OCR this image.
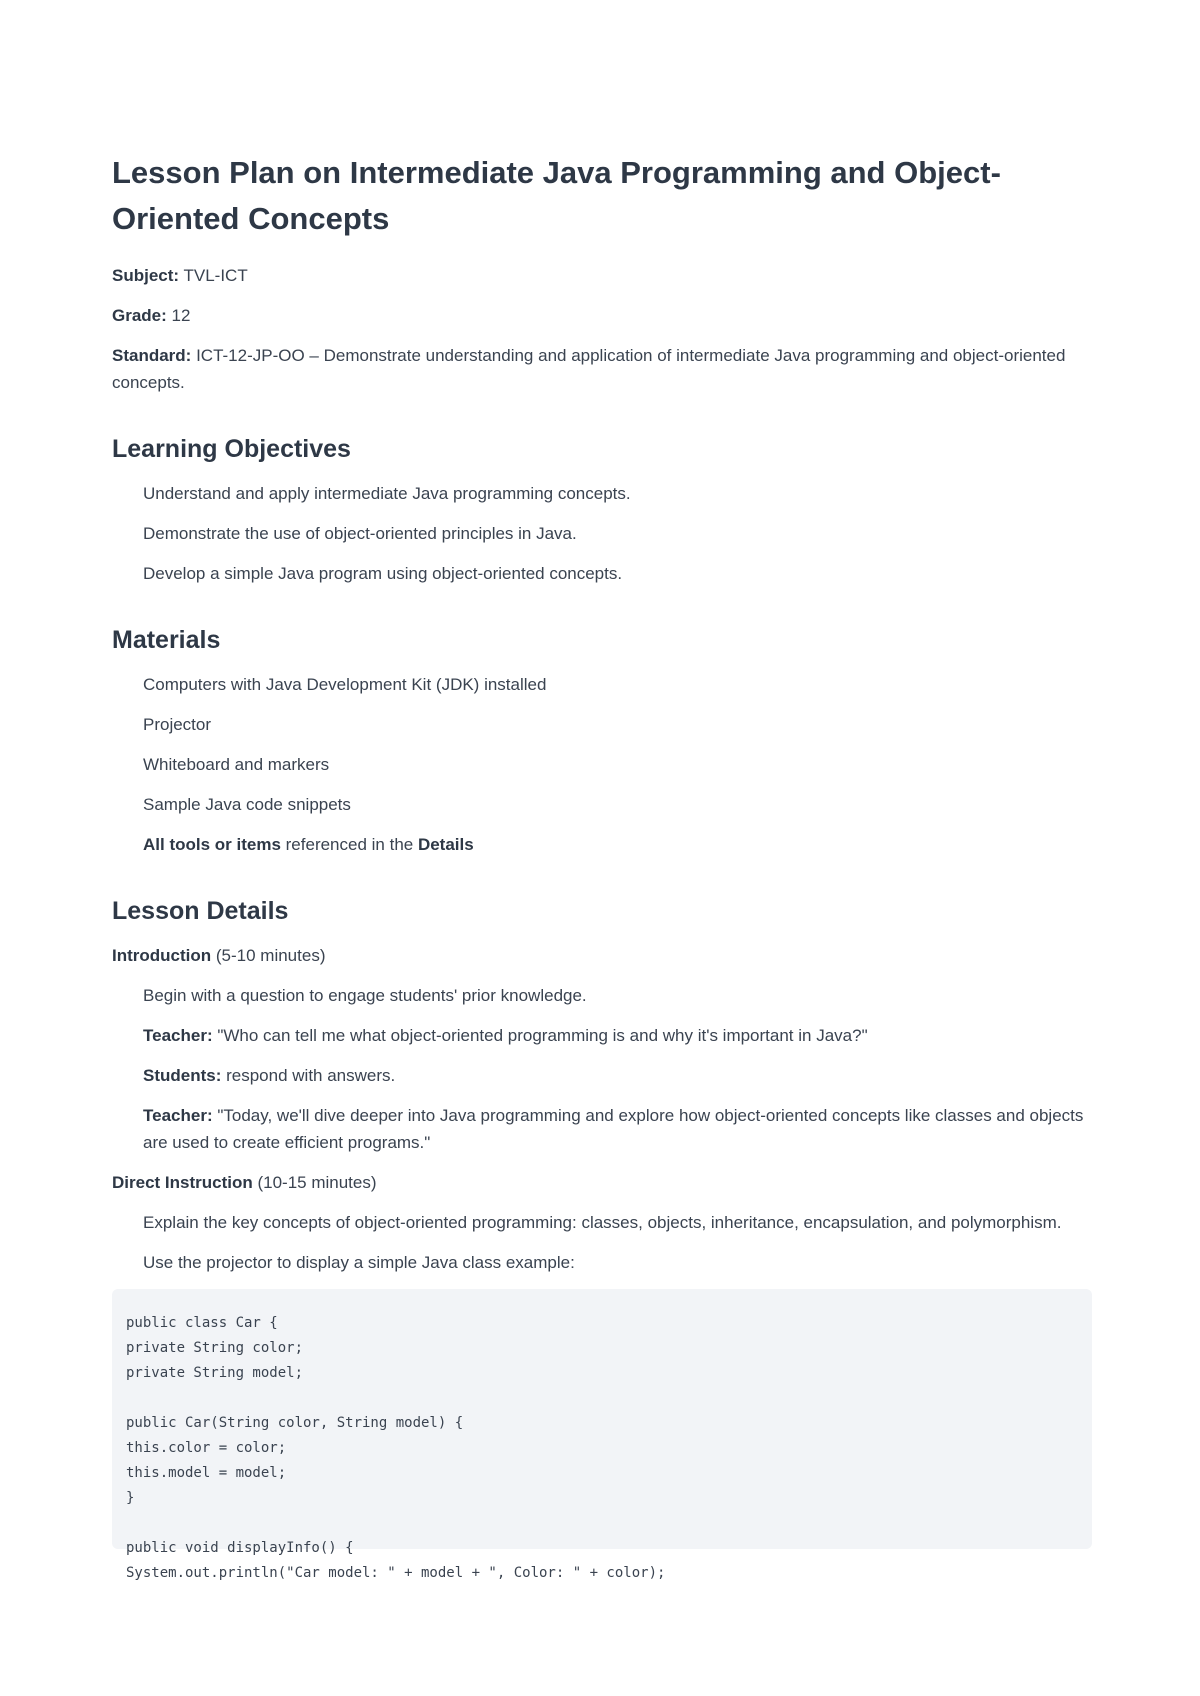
Lesson Plan on Intermediate Java Programming and Object-Oriented Concepts

Subject: TVL-ICT

Grade: 12

Standard: ICT-12-JP-OO – Demonstrate understanding and application of intermediate Java programming and object-oriented concepts.

Learning Objectives
Understand and apply intermediate Java programming concepts.
Demonstrate the use of object-oriented principles in Java.
Develop a simple Java program using object-oriented concepts.
Materials
Computers with Java Development Kit (JDK) installed
Projector
Whiteboard and markers
Sample Java code snippets
All tools or items referenced in the Details
Lesson Details

Introduction (5-10 minutes)

Begin with a question to engage students' prior knowledge.
Teacher: "Who can tell me what object-oriented programming is and why it's important in Java?"
Students: respond with answers.
Teacher: "Today, we'll dive deeper into Java programming and explore how object-oriented concepts like classes and objects are used to create efficient programs."

Direct Instruction (10-15 minutes)

Explain the key concepts of object-oriented programming: classes, objects, inheritance, encapsulation, and polymorphism.
Use the projector to display a simple Java class example:
public class Car {
private String color;
private String model;
public Car(String color, String model) {
this.color = color;
this.model = model;
}
public void displayInfo() {
System.out.println("Car model: " + model + ", Color: " + color);
